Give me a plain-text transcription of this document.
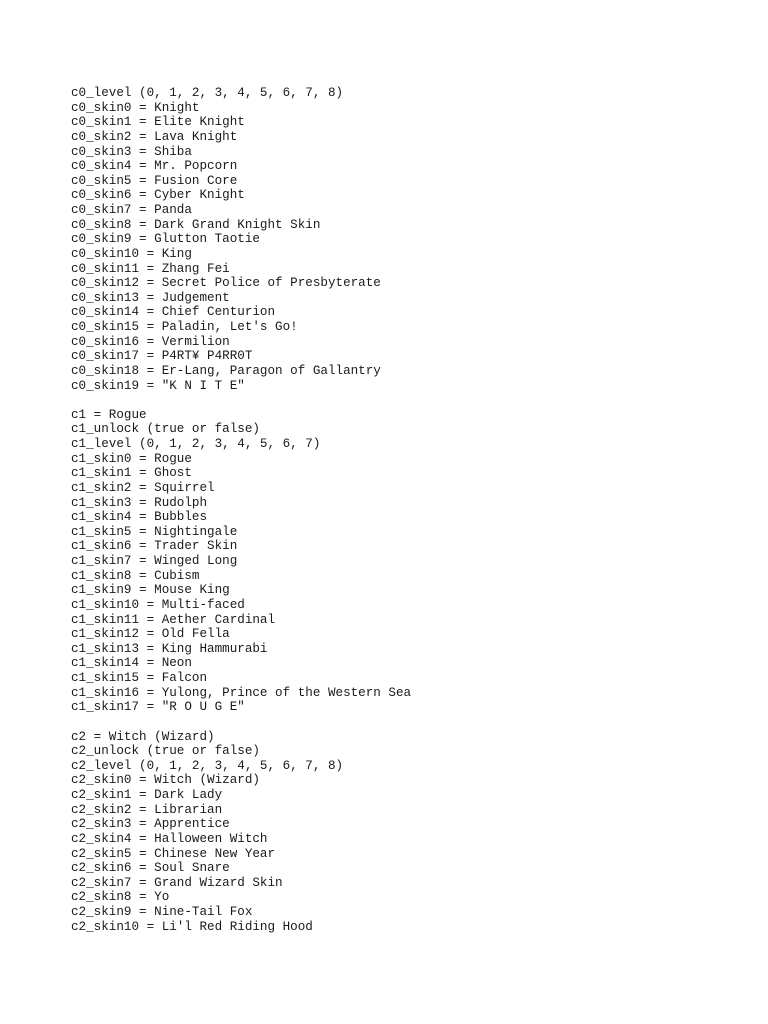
c0_level (0, 1, 2, 3, 4, 5, 6, 7, 8)
c0_skin0 = Knight
c0_skin1 = Elite Knight
c0_skin2 = Lava Knight
c0_skin3 = Shiba
c0_skin4 = Mr. Popcorn
c0_skin5 = Fusion Core
c0_skin6 = Cyber Knight
c0_skin7 = Panda
c0_skin8 = Dark Grand Knight Skin
c0_skin9 = Glutton Taotie
c0_skin10 = King
c0_skin11 = Zhang Fei
c0_skin12 = Secret Police of Presbyterate
c0_skin13 = Judgement
c0_skin14 = Chief Centurion
c0_skin15 = Paladin, Let's Go!
c0_skin16 = Vermilion
c0_skin17 = P4RT¥ P4RR0T
c0_skin18 = Er-Lang, Paragon of Gallantry
c0_skin19 = "K N I T E"
c1 = Rogue
c1_unlock (true or false)
c1_level (0, 1, 2, 3, 4, 5, 6, 7)
c1_skin0 = Rogue
c1_skin1 = Ghost
c1_skin2 = Squirrel
c1_skin3 = Rudolph
c1_skin4 = Bubbles
c1_skin5 = Nightingale
c1_skin6 = Trader Skin
c1_skin7 = Winged Long
c1_skin8 = Cubism
c1_skin9 = Mouse King
c1_skin10 = Multi-faced
c1_skin11 = Aether Cardinal
c1_skin12 = Old Fella
c1_skin13 = King Hammurabi
c1_skin14 = Neon
c1_skin15 = Falcon
c1_skin16 = Yulong, Prince of the Western Sea
c1_skin17 = "R O U G E"
c2 = Witch (Wizard)
c2_unlock (true or false)
c2_level (0, 1, 2, 3, 4, 5, 6, 7, 8)
c2_skin0 = Witch (Wizard)
c2_skin1 = Dark Lady
c2_skin2 = Librarian
c2_skin3 = Apprentice
c2_skin4 = Halloween Witch
c2_skin5 = Chinese New Year
c2_skin6 = Soul Snare
c2_skin7 = Grand Wizard Skin
c2_skin8 = Yo
c2_skin9 = Nine-Tail Fox
c2_skin10 = Li'l Red Riding Hood
